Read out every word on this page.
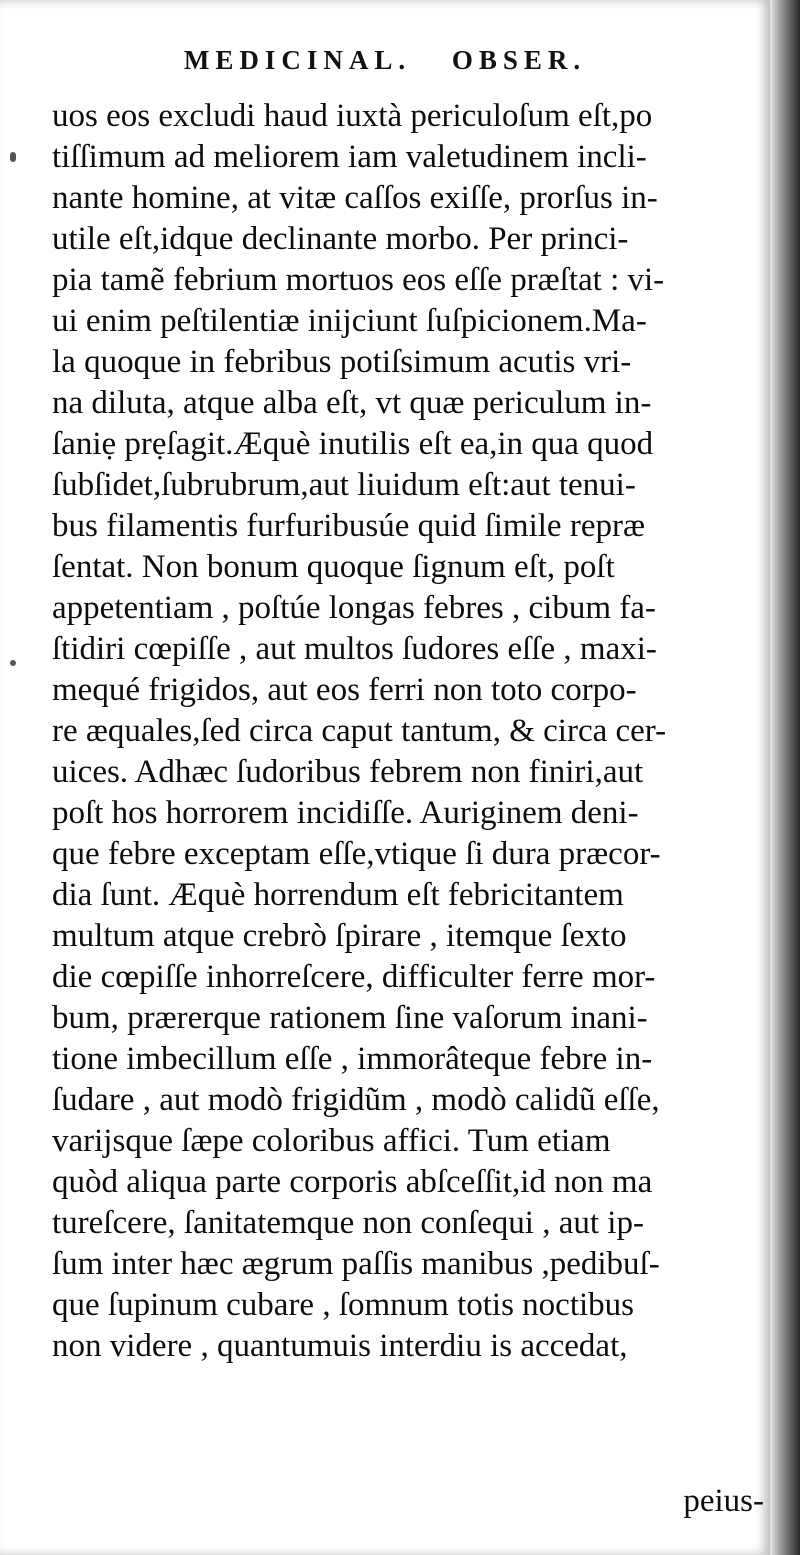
MEDICINAL. OBSER.
uos eos excludi haud iuxtà periculoſum eſt,po
tiſſimum ad meliorem iam valetudinem incli-
nante homine, at vitæ caſſos exiſſe, prorſus in-
utile eſt,idque declinante morbo. Per princi-
pia tamẽ febrium mortuos eos eſſe præſtat : vi-
ui enim peſtilentiæ inijciunt ſuſpicionem.Ma-
la quoque in febribus potiſsimum acutis vri-
na diluta, atque alba eſt, vt quæ periculum in-
ſaniẹ prẹſagit.Æquè inutilis eſt ea,in qua quod
ſubſidet,ſubrubrum,aut liuidum eſt:aut tenui-
bus filamentis furfuribusúe quid ſimile repræ
ſentat. Non bonum quoque ſignum eſt, poſt
appetentiam , poſtúe longas febres , cibum fa-
ſtidiri cœpiſſe , aut multos ſudores eſſe , maxi-
mequé frigidos, aut eos ferri non toto corpo-
re æquales,ſed circa caput tantum, & circa cer-
uices. Adhæc ſudoribus febrem non finiri,aut
poſt hos horrorem incidiſſe. Auriginem deni-
que febre exceptam eſſe,vtique ſi dura præcor-
dia ſunt. Æquè horrendum eſt febricitantem
multum atque crebrò ſpirare , itemque ſexto
die cœpiſſe inhorreſcere, difficulter ferre mor-
bum, prærerque rationem ſine vaſorum inani-
tione imbecillum eſſe , immorâteque febre in-
ſudare , aut modò frigidũm , modò calidũ eſſe,
varijsque ſæpe coloribus affici. Tum etiam
quòd aliqua parte corporis abſceſſit,id non ma
tureſcere, ſanitatemque non conſequi , aut ip-
ſum inter hæc ægrum paſſis manibus ,pedibuſ-
que ſupinum cubare , ſomnum totis noctibus
non videre , quantumuis interdiu is accedat,
peius-
